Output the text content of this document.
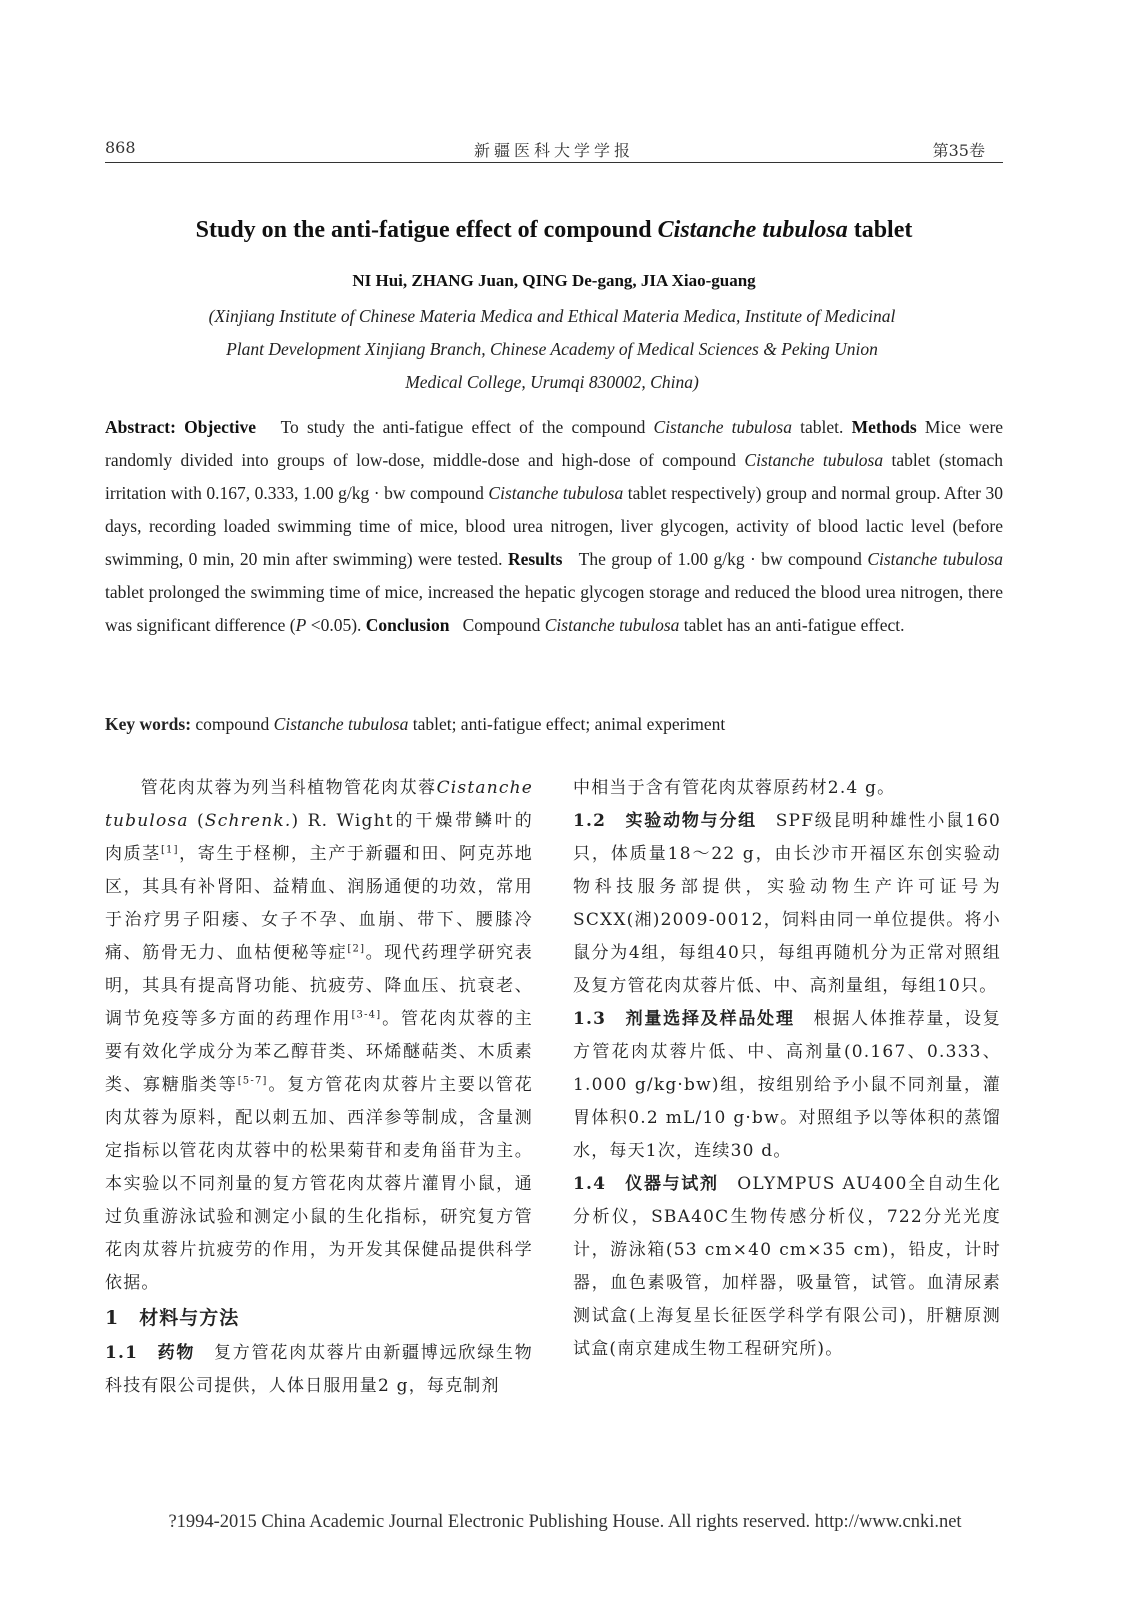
868	新疆医科大学学报	第35卷
Study on the anti-fatigue effect of compound Cistanche tubulosa tablet
NI Hui, ZHANG Juan, QING De-gang, JIA Xiao-guang
(Xinjiang Institute of Chinese Materia Medica and Ethical Materia Medica, Institute of Medicinal
Plant Development Xinjiang Branch, Chinese Academy of Medical Sciences & Peking Union
Medical College, Urumqi 830002, China)

Abstract: Objective To study the anti-fatigue effect of the compound Cistanche tubulosa tablet. Methods Mice were randomly divided into groups of low-dose, middle-dose and high-dose of compound Cistanche tubulosa tablet (stomach irritation with 0.167, 0.333, 1.00 g/kg · bw compound Cistanche tubulosa tablet respectively) group and normal group. After 30 days, recording loaded swimming time of mice, blood urea nitrogen, liver glycogen, activity of blood lactic level (before swimming, 0 min, 20 min after swimming) were tested. Results The group of 1.00 g/kg · bw compound Cistanche tubulosa tablet prolonged the swimming time of mice, increased the hepatic glycogen storage and reduced the blood urea nitrogen, there was significant difference (P <0.05). Conclusion Compound Cistanche tubulosa tablet has an anti-fatigue effect.

Key words: compound Cistanche tubulosa tablet; anti-fatigue effect; animal experiment

管花肉苁蓉为列当科植物管花肉苁蓉Cistanche tubulosa (Schrenk.) R. Wight的干燥带鳞叶的肉质茎[1]，寄生于柽柳，主产于新疆和田、阿克苏地区，其具有补肾阳、益精血、润肠通便的功效，常用于治疗男子阳痿、女子不孕、血崩、带下、腰膝冷痛、筋骨无力、血枯便秘等症[2]。现代药理学研究表明，其具有提高肾功能、抗疲劳、降血压、抗衰老、调节免疫等多方面的药理作用[3-4]。管花肉苁蓉的主要有效化学成分为苯乙醇苷类、环烯醚萜类、木质素类、寡糖脂类等[5-7]。复方管花肉苁蓉片主要以管花肉苁蓉为原料，配以刺五加、西洋参等制成，含量测定指标以管花肉苁蓉中的松果菊苷和麦角甾苷为主。本实验以不同剂量的复方管花肉苁蓉片灌胃小鼠，通过负重游泳试验和测定小鼠的生化指标，研究复方管花肉苁蓉片抗疲劳的作用，为开发其保健品提供科学依据。

1　材料与方法

1.1　药物　复方管花肉苁蓉片由新疆博远欣绿生物科技有限公司提供，人体日服用量2 g，每克制剂

中相当于含有管花肉苁蓉原药材2.4 g。

1.2　实验动物与分组　SPF级昆明种雄性小鼠160只，体质量18～22 g，由长沙市开福区东创实验动物科技服务部提供，实验动物生产许可证号为SCXX(湘)2009-0012，饲料由同一单位提供。将小鼠分为4组，每组40只，每组再随机分为正常对照组及复方管花肉苁蓉片低、中、高剂量组，每组10只。

1.3　剂量选择及样品处理　根据人体推荐量，设复方管花肉苁蓉片低、中、高剂量(0.167、0.333、1.000 g/kg·bw)组，按组别给予小鼠不同剂量，灌胃体积0.2 mL/10 g·bw。对照组予以等体积的蒸馏水，每天1次，连续30 d。

1.4　仪器与试剂　OLYMPUS AU400全自动生化分析仪，SBA40C生物传感分析仪，722分光光度计，游泳箱(53 cm×40 cm×35 cm)，铅皮，计时器，血色素吸管，加样器，吸量管，试管。血清尿素测试盒(上海复星长征医学科学有限公司)，肝糖原测试盒(南京建成生物工程研究所)。

?1994-2015 China Academic Journal Electronic Publishing House. All rights reserved. http://www.cnki.net
